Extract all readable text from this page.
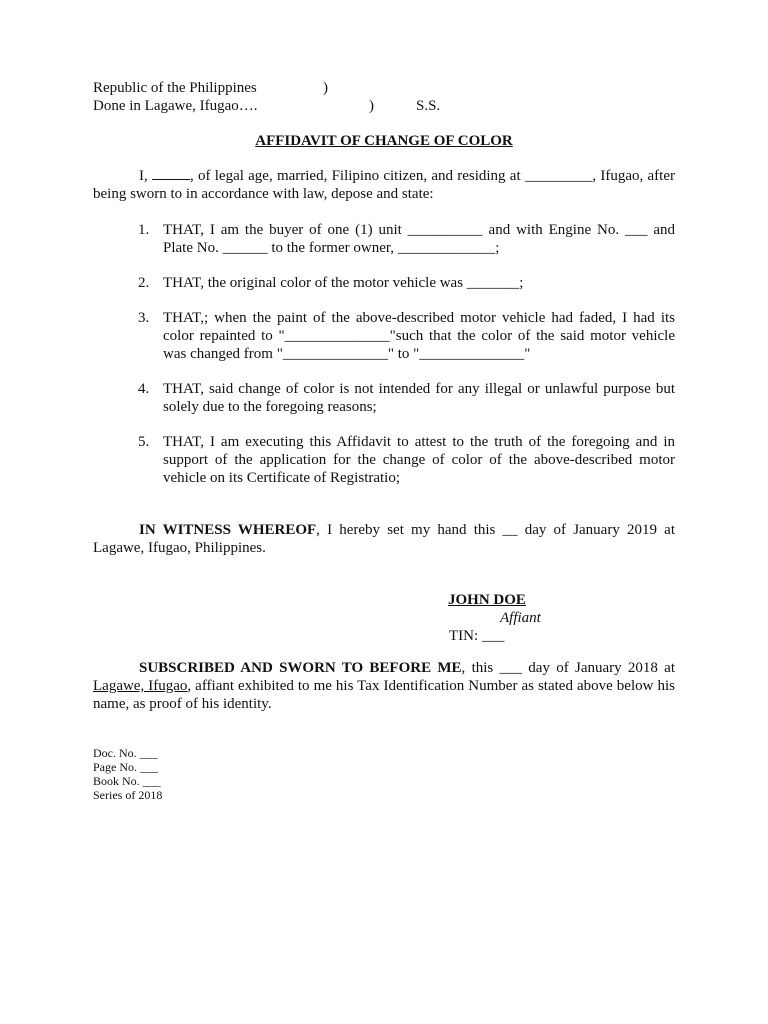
Republic of the Philippines	)
Done in Lagawe, Ifugao….	)	S.S.
AFFIDAVIT OF CHANGE OF COLOR
I,	, of legal age, married, Filipino citizen, and residing at _________, Ifugao, after being sworn to in accordance with law, depose and state:
1. THAT, I am the buyer of one (1) unit __________ and with Engine No. ___ and Plate No. ______ to the former owner, _____________;
2. THAT, the original color of the motor vehicle was _______;
3. THAT,; when the paint of the above-described motor vehicle had faded, I had its color repainted to "______________"such that the color of the said motor vehicle was changed from "______________" to "______________"
4. THAT, said change of color is not intended for any illegal or unlawful purpose but solely due to the foregoing reasons;
5. THAT, I am executing this Affidavit to attest to the truth of the foregoing and in support of the application for the change of color of the above-described motor vehicle on its Certificate of Registratio;
IN WITNESS WHEREOF, I hereby set my hand this __ day of January 2019 at Lagawe, Ifugao, Philippines.
JOHN DOE
Affiant
TIN: ___
SUBSCRIBED AND SWORN TO BEFORE ME, this ___ day of January 2018 at Lagawe, Ifugao, affiant exhibited to me his Tax Identification Number as stated above below his name, as proof of his identity.
Doc. No. ___
Page No. ___
Book No. ___
Series of 2018
